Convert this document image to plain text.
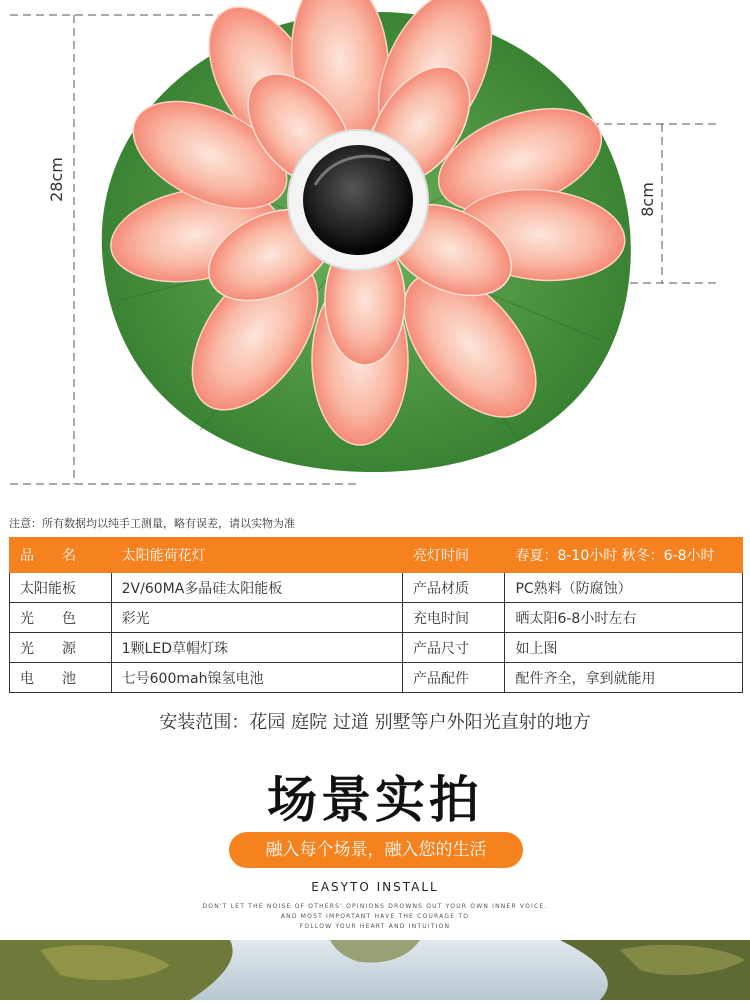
28cm	8cm
注意：所有数据均以纯手工测量，略有误差，请以实物为准
品　　名	太阳能荷花灯	亮灯时间	春夏：8-10小时 秋冬：6-8小时
太阳能板	2V/60MA多晶硅太阳能板	产品材质	PC熟料（防腐蚀）
光　　色	彩光	充电时间	晒太阳6-8小时左右
光　　源	1颗LED草帽灯珠	产品尺寸	如上图
电　　池	七号600mah镍氢电池	产品配件	配件齐全，拿到就能用
安装范围：花园 庭院 过道 别墅等户外阳光直射的地方
场景实拍
融入每个场景，融入您的生活
EASYTO INSTALL
DON'T LET THE NOISE OF OTHERS' OPINIONS DROWNS OUT YOUR OWN INNER VOICE.
AND MOST IMPORTANT HAVE THE COURAGE TO
FOLLOW YOUR HEART AND INTUITION
